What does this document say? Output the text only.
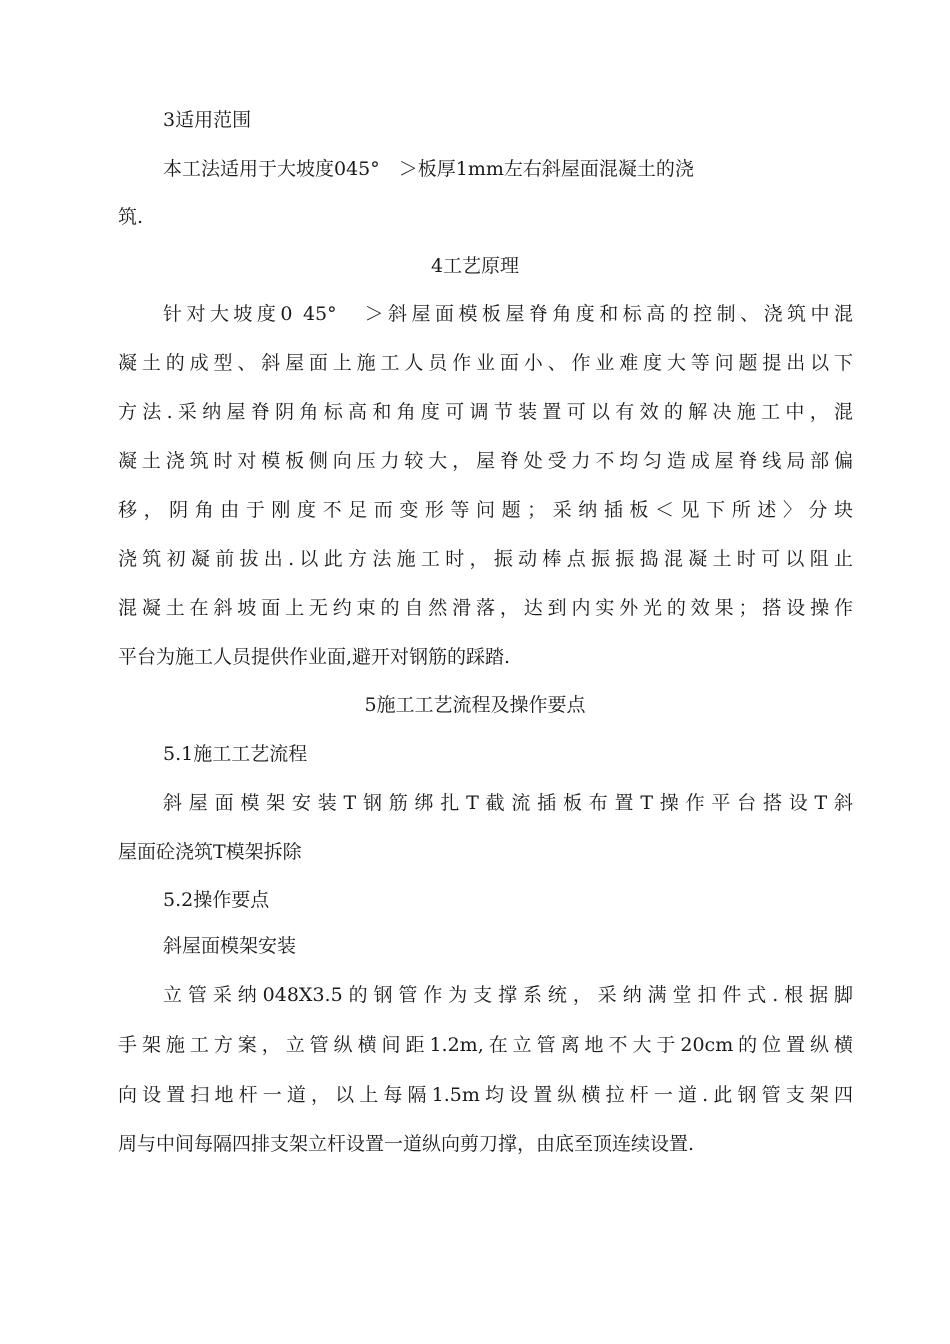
3适用范围
本工法适用于大坡度045°　＞板厚1mm左右斜屋面混凝土的浇
筑.
4工艺原理
针对大坡度0 45°　＞斜屋面模板屋脊角度和标高的控制、浇筑中混
凝土的成型、斜屋面上施工人员作业面小、作业难度大等问题提出以下
方法.采纳屋脊阴角标高和角度可调节装置可以有效的解决施工中，混
凝土浇筑时对模板侧向压力较大，屋脊处受力不均匀造成屋脊线局部偏
移，阴角由于刚度不足而变形等问题；采纳插板＜见下所述〉分块
浇筑初凝前拔出.以此方法施工时，振动棒点振振捣混凝土时可以阻止
混凝土在斜坡面上无约束的自然滑落，达到内实外光的效果；搭设操作
平台为施工人员提供作业面,避开对钢筋的踩踏.
5施工工艺流程及操作要点
5.1施工工艺流程
斜屋面模架安装T钢筋绑扎T截流插板布置T操作平台搭设T斜
屋面砼浇筑T模架拆除
5.2操作要点
斜屋面模架安装
立管采纳048X3.5的钢管作为支撑系统，采纳满堂扣件式.根据脚
手架施工方案，立管纵横间距1.2m,在立管离地不大于20cm的位置纵横
向设置扫地杆一道，以上每隔1.5m均设置纵横拉杆一道.此钢管支架四
周与中间每隔四排支架立杆设置一道纵向剪刀撑，由底至顶连续设置.
